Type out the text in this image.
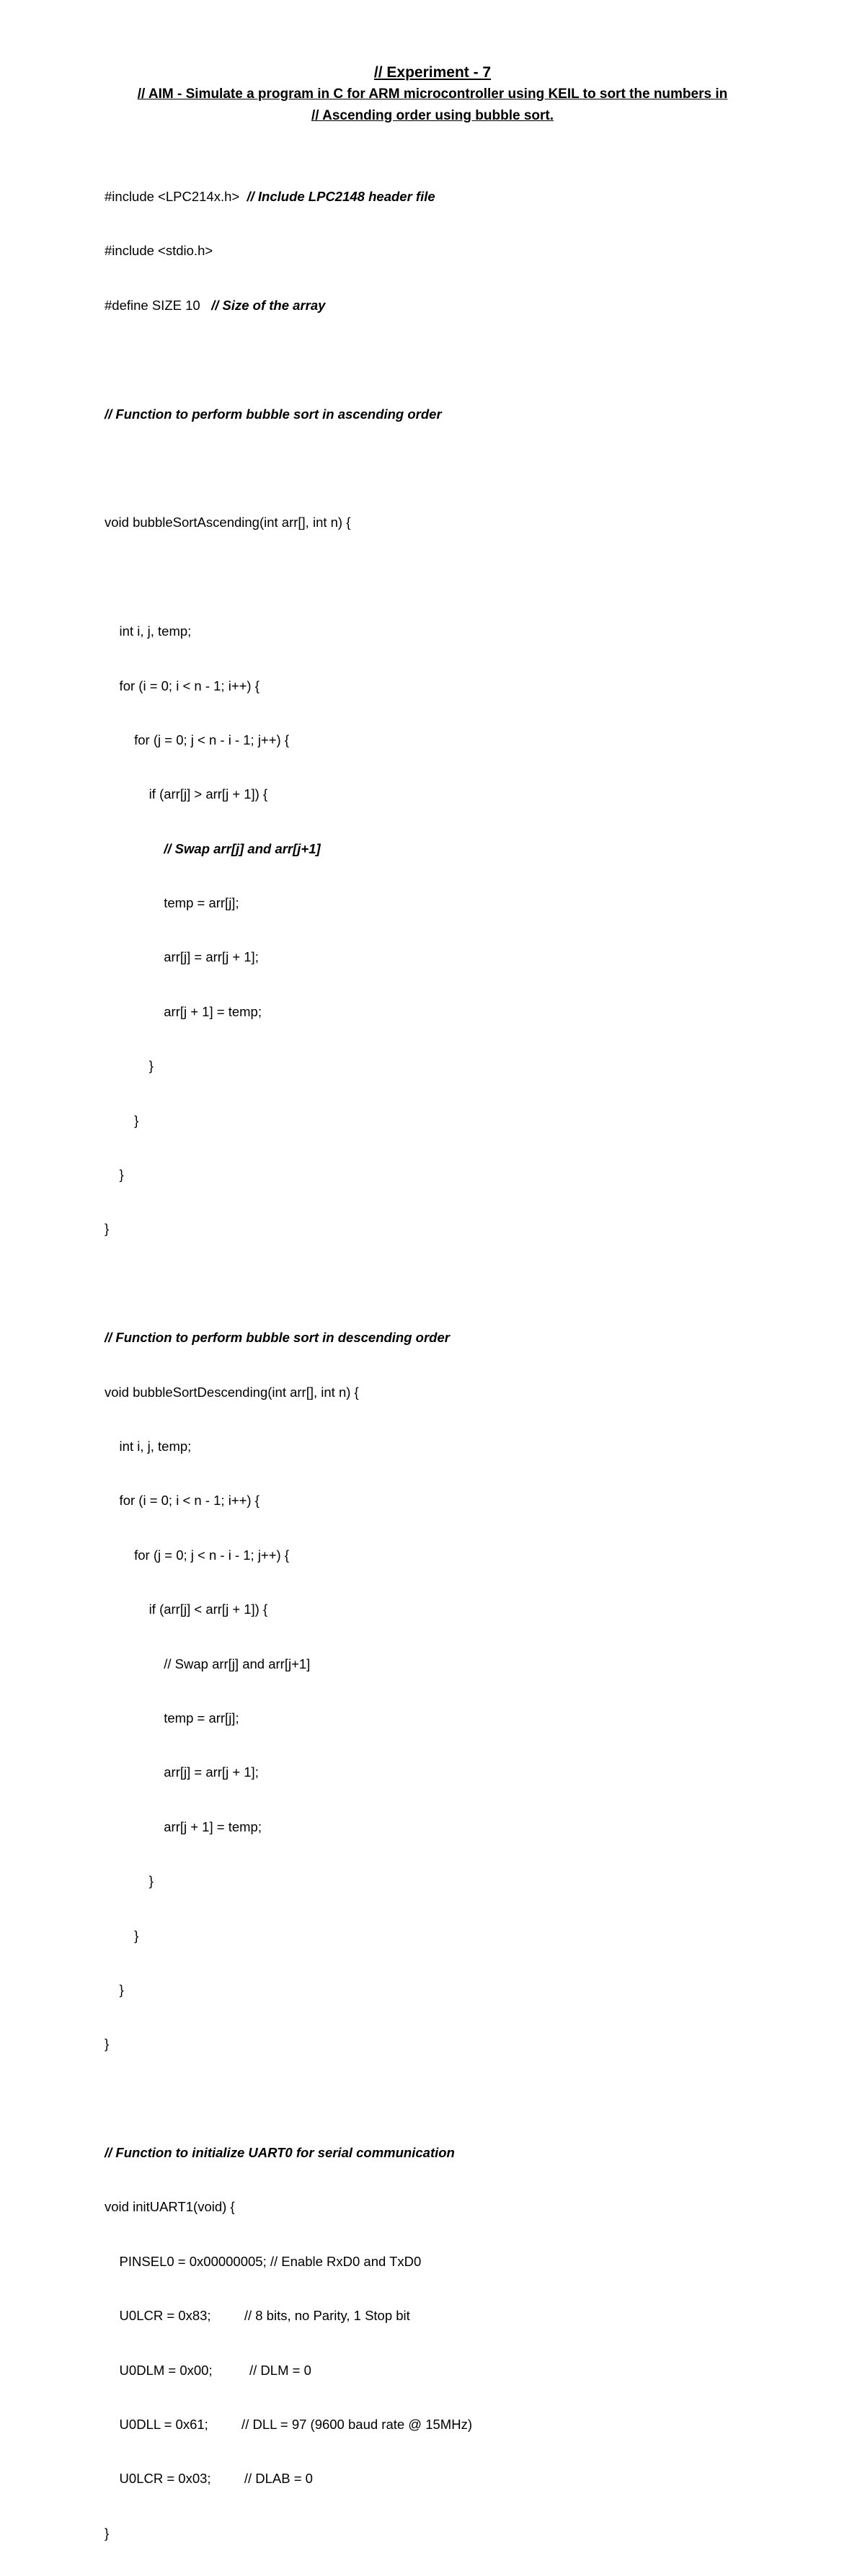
// Experiment - 7
// AIM - Simulate a program in C for ARM microcontroller using KEIL to sort the numbers in
// Ascending order using bubble sort.

#include <LPC214x.h>  // Include LPC2148 header file

#include <stdio.h>

#define SIZE 10   // Size of the array

// Function to perform bubble sort in ascending order

void bubbleSortAscending(int arr[], int n) {

int i, j, temp;

for (i = 0; i < n - 1; i++) {

for (j = 0; j < n - i - 1; j++) {

if (arr[j] > arr[j + 1]) {

// Swap arr[j] and arr[j+1]

temp = arr[j];

arr[j] = arr[j + 1];

arr[j + 1] = temp;

}

}

}

}

// Function to perform bubble sort in descending order

void bubbleSortDescending(int arr[], int n) {

int i, j, temp;

for (i = 0; i < n - 1; i++) {

for (j = 0; j < n - i - 1; j++) {

if (arr[j] < arr[j + 1]) {

// Swap arr[j] and arr[j+1]

temp = arr[j];

arr[j] = arr[j + 1];

arr[j + 1] = temp;

}

}

}

}

// Function to initialize UART0 for serial communication

void initUART1(void) {

PINSEL0 = 0x00000005; // Enable RxD0 and TxD0

U0LCR = 0x83;         // 8 bits, no Parity, 1 Stop bit

U0DLM = 0x00;          // DLM = 0

U0DLL = 0x61;         // DLL = 97 (9600 baud rate @ 15MHz)

U0LCR = 0x03;         // DLAB = 0

}
